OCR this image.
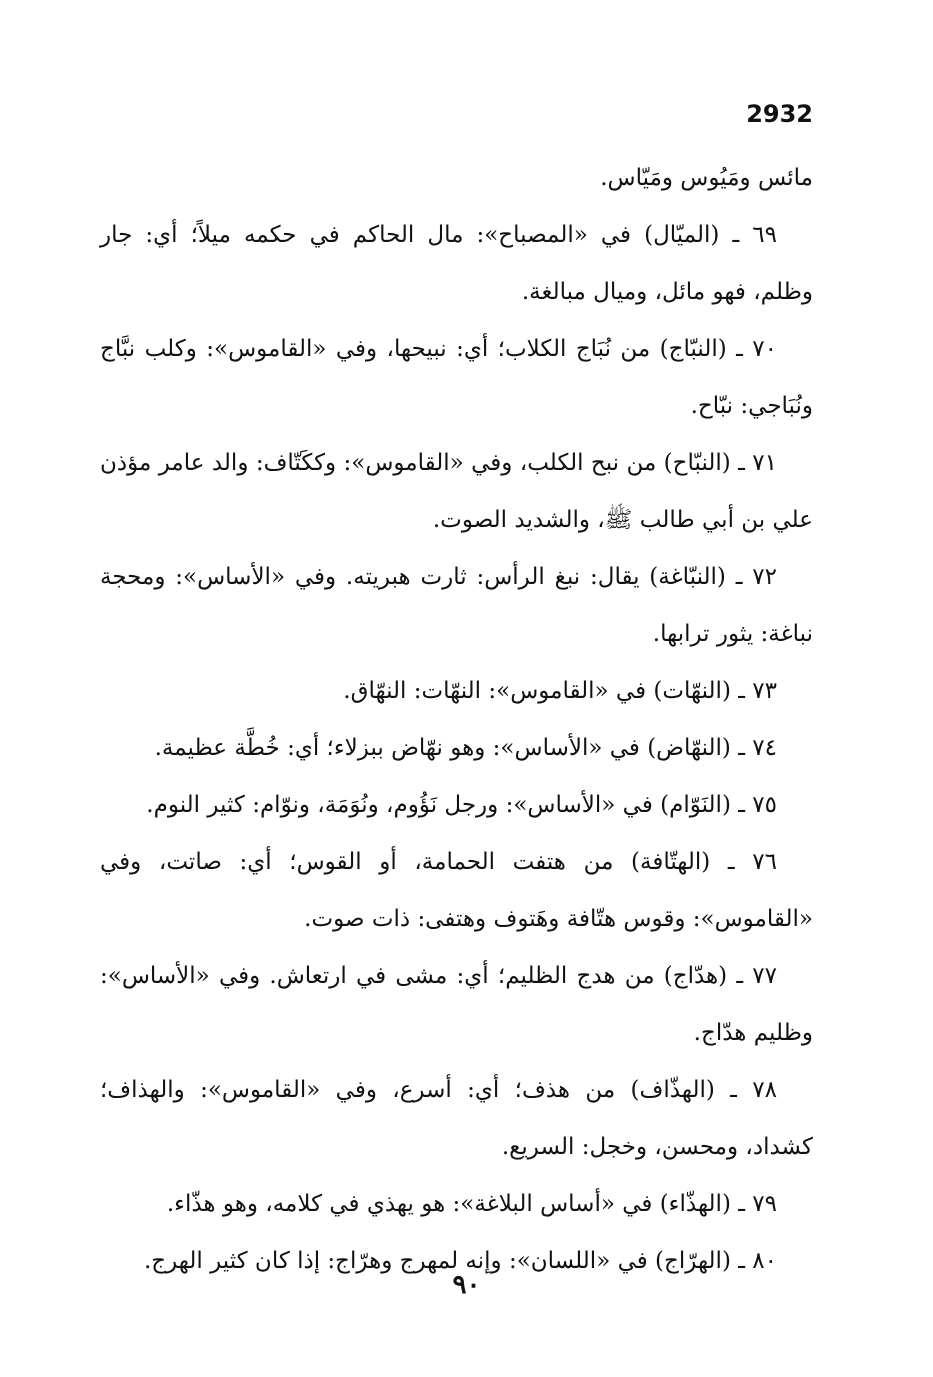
2932

مائس ومَيُوس ومَيّاس.

٦٩ ـ (الميّال) في «المصباح»: مال الحاكم في حكمه ميلاً؛ أي: جار وظلم، فهو مائل، وميال مبالغة.

٧٠ ـ (النبّاج) من نُبَاج الكلاب؛ أي: نبيحها، وفي «القاموس»: وكلب نبَّاج ونُبَاجي: نبّاح.

٧١ ـ (النبّاح) من نبح الكلب، وفي «القاموس»: وككَتّاف: والد عامر مؤذن علي بن أبي طالب ﷺ، والشديد الصوت.

٧٢ ـ (النبّاغة) يقال: نبغ الرأس: ثارت هبريته. وفي «الأساس»: ومحجة نباغة: يثور ترابها.

٧٣ ـ (النهّات) في «القاموس»: النهّات: النهّاق.

٧٤ ـ (النهّاض) في «الأساس»: وهو نهّاض ببزلاء؛ أي: خُطَّة عظيمة.

٧٥ ـ (النَوّام) في «الأساس»: ورجل نَؤُوم، ونُوَمَة، ونوّام: كثير النوم.

٧٦ ـ (الهتّافة) من هتفت الحمامة، أو القوس؛ أي: صاتت، وفي «القاموس»: وقوس هتّافة وهَتوف وهتفى: ذات صوت.

٧٧ ـ (هدّاج) من هدج الظليم؛ أي: مشى في ارتعاش. وفي «الأساس»: وظليم هدّاج.

٧٨ ـ (الهذّاف) من هذف؛ أي: أسرع، وفي «القاموس»: والهذاف؛ كشداد، ومحسن، وخجل: السريع.

٧٩ ـ (الهذّاء) في «أساس البلاغة»: هو يهذي في كلامه، وهو هذّاء.

٨٠ ـ (الهرّاج) في «اللسان»: وإنه لمهرج وهرّاج: إذا كان كثير الهرج.

٩٠
